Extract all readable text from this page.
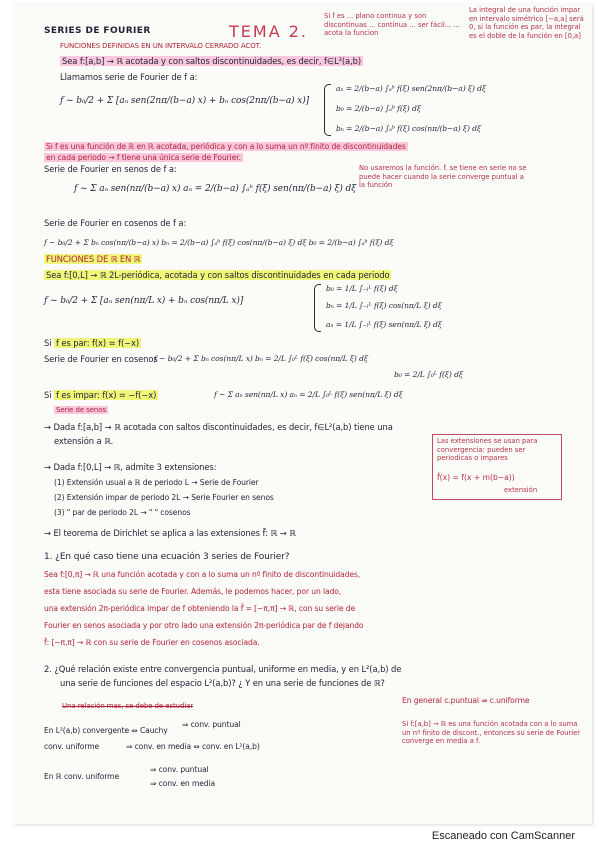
SERIES DE FOURIER	TEMA 2.
FUNCIONES DEFINIDAS EN UN INTERVALO CERRADO ACOT.
Si f es ... plano continua y son discontinuas ... continua ... ser fácil... ... acota la funcion
La integral de una función impar en intervalo simétrico [−a,a] será 0, si la función es par, la integral es el doble de la función en [0,a]
Sea f:[a,b] → ℝ acotada y con saltos discontinuidades, es decir, f∈L²(a,b)
Llamamos serie de Fourier de f a:
f ~ b₀/2 + Σ [aₙ sen(2nπ/(b−a) x) + bₙ cos(2nπ/(b−a) x)]
aₙ = 2/(b−a) ∫ₐᵇ f(ξ) sen(2nπ/(b−a) ξ) dξ
b₀ = 2/(b−a) ∫ₐᵇ f(ξ) dξ
bₙ = 2/(b−a) ∫ₐᵇ f(ξ) cos(nπ/(b−a) ξ) dξ
Si f es una función de ℝ en ℝ acotada, periódica y con a lo suma un nº finito de discontinuidades
en cada periodo → f tiene una única serie de Fourier.
Serie de Fourier en senos de f a:	No usaremos la función. f. se tiene en serie no se puede hacer cuando la serie converge puntual a la función
f ~ Σ aₙ sen(nπ/(b−a) x) aₙ = 2/(b−a) ∫ₐᵇ f(ξ) sen(nπ/(b−a) ξ) dξ
Serie de Fourier en cosenos de f a:
f ~ b₀/2 + Σ bₙ cos(nπ/(b−a) x) bₙ = 2/(b−a) ∫ₐᵇ f(ξ) cos(nπ/(b−a) ξ) dξ b₀ = 2/(b−a) ∫ₐᵇ f(ξ) dξ
FUNCIONES DE ℝ EN ℝ
Sea f:[0,L] → ℝ 2L-periódica, acotada y con saltos discontinuidades en cada periodo
f ~ b₀/2 + Σ [aₙ sen(nπ/L x) + bₙ cos(nπ/L x)]
b₀ = 1/L ∫₋ₗᴸ f(ξ) dξ
bₙ = 1/L ∫₋ₗᴸ f(ξ) cos(nπ/L ξ) dξ
aₙ = 1/L ∫₋ₗᴸ f(ξ) sen(nπ/L ξ) dξ
Si f es par: f(x) = f(−x)
Serie de Fourier en cosenos
f ~ b₀/2 + Σ bₙ cos(nπ/L x) bₙ = 2/L ∫₀ᴸ f(ξ) cos(nπ/L ξ) dξ
b₀ = 2/L ∫₀ᴸ f(ξ) dξ
Si f es impar: f(x) = −f(−x)	f ~ Σ aₙ sen(nπ/L x) aₙ = 2/L ∫₀ᴸ f(ξ) sen(nπ/L ξ) dξ
Serie de senos
→ Dada f:[a,b] → ℝ acotada con saltos discontinuidades, es decir, f∈L²(a,b) tiene una
extensión a ℝ.	Las extensiones se usan para convergencia: pueden ser periodicas o impares
f̃(x) = f(x + m(b−a))
extensión
→ Dada f:[0,L] → ℝ, admite 3 extensiones:
(1) Extensión usual a ℝ de periodo L → Serie de Fourier
(2) Extensión impar de periodo 2L → Serie Fourier en senos
(3) " par de periodo 2L → " " cosenos
→ El teorema de Dirichlet se aplica a las extensiones f̃: ℝ → ℝ
1. ¿En qué caso tiene una ecuación 3 series de Fourier?
Sea f:[0,π] → ℝ una función acotada y con a lo suma un nº finito de discontinuidades,
esta tiene asociada su serie de Fourier. Además, le podemos hacer, por un lado,
una extensión 2π-periódica impar de f obteniendo la f̃ = [−π,π] → ℝ, con su serie de
Fourier en senos asociada y por otro lado una extensión 2π-periódica par de f dejando
f̃: [−π,π] → ℝ con su serie de Fourier en cosenos asociada.
2. ¿Qué relación existe entre convergencia puntual, uniforme en media, y en L²(a,b) de
una serie de funciones del espacio L²(a,b)? ¿ Y en una serie de funciones de ℝ?
En general c.puntual ⇏ c.uniforme
Una relación mas, se debe de estudiar
En L²(a,b) convergente ⇔ Cauchy
⇒ conv. puntual
conv. uniforme	⇒ conv. en media ⇔ conv. en L²(a,b)
En ℝ conv. uniforme
⇒ conv. puntual
⇒ conv. en media
Si f:[a,b] → ℝ es una función acotada con a lo suma un nº finito de discont., entonces su serie de Fourier converge en media a f.
Escaneado con CamScanner
